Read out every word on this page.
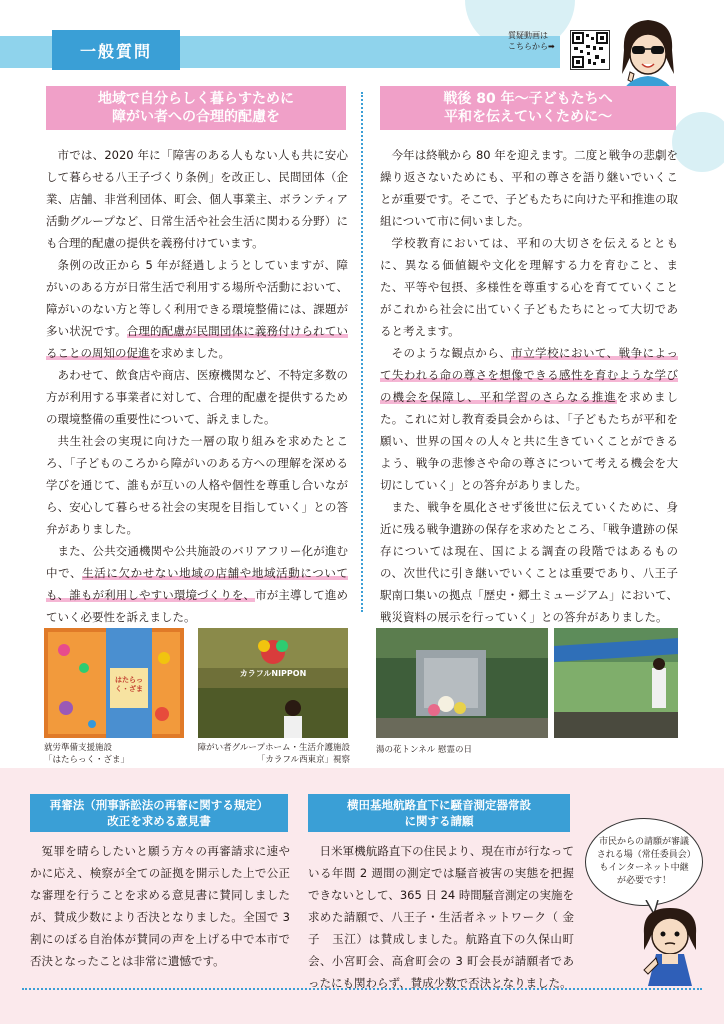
一般質問
質疑動画は
こちらから➡
地域で自分らしく暮らすために
障がい者への合理的配慮を
戦後 80 年〜子どもたちへ
平和を伝えていくために〜

市では、2020 年に「障害のある人もない人も共に安心して暮らせる八王子づくり条例」を改正し、民間団体（企業、店舗、非営利団体、町会、個人事業主、ボランティア活動グループなど、日常生活や社会生活に関わる分野）にも合理的配慮の提供を義務付けています。

条例の改正から 5 年が経過しようとしていますが、障がいのある方が日常生活で利用する場所や活動において、障がいのない方と等しく利用できる環境整備には、課題が多い状況です。合理的配慮が民間団体に義務付けられていることの周知の促進を求めました。

あわせて、飲食店や商店、医療機関など、不特定多数の方が利用する事業者に対して、合理的配慮を提供するための環境整備の重要性について、訴えました。

共生社会の実現に向けた一層の取り組みを求めたところ、「子どものころから障がいのある方への理解を深める学びを通じて、誰もが互いの人格や個性を尊重し合いながら、安心して暮らせる社会の実現を目指していく」との答弁がありました。

また、公共交通機関や公共施設のバリアフリー化が進む中で、生活に欠かせない地域の店舗や地域活動についても、誰もが利用しやすい環境づくりを、市が主導して進めていく必要性を訴えました。

今年は終戦から 80 年を迎えます。二度と戦争の悲劇を繰り返さないためにも、平和の尊さを語り継いでいくことが重要です。そこで、子どもたちに向けた平和推進の取組について市に伺いました。

学校教育においては、平和の大切さを伝えるとともに、異なる価値観や文化を理解する力を育むこと、また、平等や包摂、多様性を尊重する心を育てていくことがこれから社会に出ていく子どもたちにとって大切であると考えます。

そのような観点から、市立学校において、戦争によって失われる命の尊さを想像できる感性を育むような学びの機会を保障し、平和学習のさらなる推進を求めました。これに対し教育委員会からは、「子どもたちが平和を願い、世界の国々の人々と共に生きていくことができるよう、戦争の悲惨さや命の尊さについて考える機会を大切にしていく」との答弁がありました。

また、戦争を風化させず後世に伝えていくために、身近に残る戦争遺跡の保存を求めたところ、「戦争遺跡の保存については現在、国による調査の段階ではあるものの、次世代に引き継いでいくことは重要であり、八王子駅南口集いの拠点「歴史・郷土ミュージアム」において、戦災資料の展示を行っていく」との答弁がありました。

はたらっく・ざま
カラフルNIPPON
就労準備支援施設
「はたらっく・ざま」
障がい者グループホーム・生活介護施設
「カラフル西東京」視察
湯の花トンネル 慰霊の日
再審法（刑事訴訟法の再審に関する規定）
改正を求める意見書
横田基地航路直下に騒音測定器常設
に関する請願

冤罪を晴らしたいと願う方々の再審請求に速やかに応え、検察が全ての証拠を開示した上で公正な審理を行うことを求める意見書に賛同しましたが、賛成少数により否決となりました。全国で 3 割にのぼる自治体が賛同の声を上げる中で本市で否決となったことは非常に遺憾です。

日米軍機航路直下の住民より、現在市が行なっている年間 2 週間の測定では騒音被害の実態を把握できないとして、365 日 24 時間騒音測定の実施を求めた請願で、八王子・生活者ネットワーク（ 金子　玉江）は賛成しました。航路直下の久保山町会、小宮町会、高倉町会の 3 町会長が請願者であったにも関わらず、賛成少数で否決となりました。

市民からの請願が審議される場（常任委員会）もインターネット中継が必要です！
